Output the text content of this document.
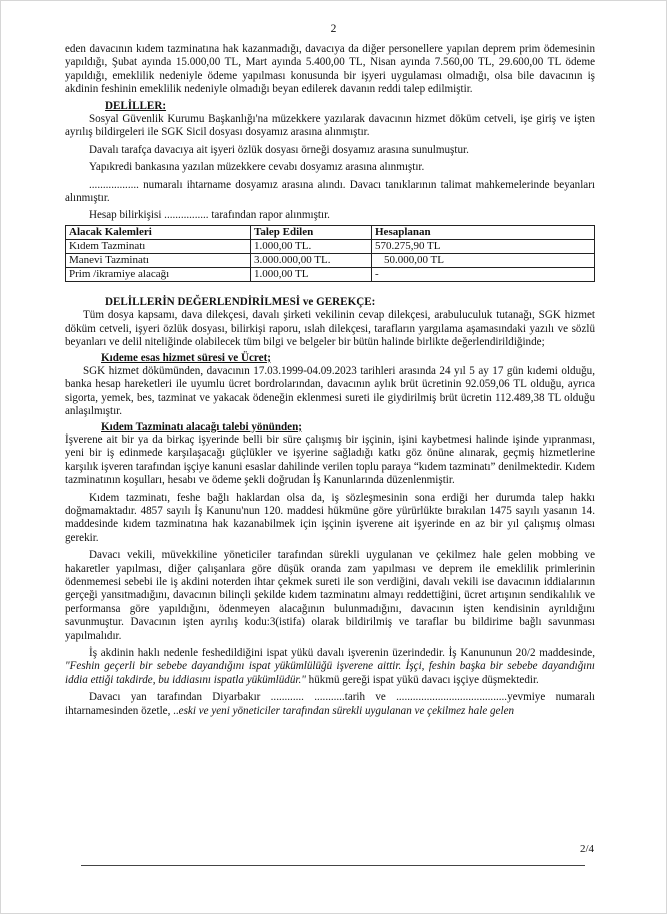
2

eden davacının kıdem tazminatına hak kazanmadığı, davacıya da diğer personellere yapılan deprem prim ödemesinin yapıldığı, Şubat ayında 15.000,00 TL, Mart ayında 5.400,00 TL, Nisan ayında 7.560,00 TL, 29.600,00 TL ödeme yapıldığı, emeklilik nedeniyle ödeme yapılması konusunda bir işyeri uygulaması olmadığı, olsa bile davacının iş akdinin feshinin emeklilik nedeniyle olmadığı beyan edilerek davanın reddi talep edilmiştir.

DELİLLER:

Sosyal Güvenlik Kurumu Başkanlığı'na müzekkere yazılarak davacının hizmet döküm cetveli, işe giriş ve işten ayrılış bildirgeleri ile SGK Sicil dosyası dosyamız arasına alınmıştır.

Davalı tarafça davacıya ait işyeri özlük dosyası örneği dosyamız arasına sunulmuştur.

Yapıkredi bankasına yazılan müzekkere cevabı dosyamız arasına alınmıştır.

.................. numaralı ihtarname dosyamız arasına alındı. Davacı tanıklarının talimat mahkemelerinde beyanları alınmıştır.

Hesap bilirkişisi ................ tarafından rapor alınmıştır.

Alacak Kalemleri	Talep Edilen	Hesaplanan
Kıdem Tazminatı	1.000,00 TL.	570.275,90 TL
Manevi Tazminatı	3.000.000,00 TL.	50.000,00 TL
Prim /ikramiye alacağı	1.000,00 TL	-

DELİLLERİN DEĞERLENDİRİLMESİ ve GEREKÇE:

Tüm dosya kapsamı, dava dilekçesi, davalı şirketi vekilinin cevap dilekçesi, arabuluculuk tutanağı, SGK hizmet döküm cetveli, işyeri özlük dosyası, bilirkişi raporu, ıslah dilekçesi, tarafların yargılama aşamasındaki yazılı ve sözlü beyanları ve delil niteliğinde olabilecek tüm bilgi ve belgeler bir bütün halinde birlikte değerlendirildiğinde;

Kıdeme esas hizmet süresi ve Ücret;

SGK hizmet dökümünden, davacının 17.03.1999-04.09.2023 tarihleri arasında 24 yıl 5 ay 17 gün kıdemi olduğu, banka hesap hareketleri ile uyumlu ücret bordrolarından, davacının aylık brüt ücretinin 92.059,06 TL olduğu, ayrıca sigorta, yemek, bes, tazminat ve yakacak ödeneğin eklenmesi sureti ile giydirilmiş brüt ücretin 112.489,38 TL olduğu anlaşılmıştır.

Kıdem Tazminatı alacağı talebi yönünden;

İşverene ait bir ya da birkaç işyerinde belli bir süre çalışmış bir işçinin, işini kaybetmesi halinde işinde yıpranması, yeni bir iş edinmede karşılaşacağı güçlükler ve işyerine sağladığı katkı göz önüne alınarak, geçmiş hizmetlerine karşılık işveren tarafından işçiye kanuni esaslar dahilinde verilen toplu paraya “kıdem tazminatı” denilmektedir. Kıdem tazminatının koşulları, hesabı ve ödeme şekli doğrudan İş Kanunlarında düzenlenmiştir.

Kıdem tazminatı, feshe bağlı haklardan olsa da, iş sözleşmesinin sona erdiği her durumda talep hakkı doğmamaktadır. 4857 sayılı İş Kanunu'nun 120. maddesi hükmüne göre yürürlükte bırakılan 1475 sayılı yasanın 14. maddesinde kıdem tazminatına hak kazanabilmek için işçinin işverene ait işyerinde en az bir yıl çalışmış olması gerekir.

Davacı vekili, müvekkiline yöneticiler tarafından sürekli uygulanan ve çekilmez hale gelen mobbing ve hakaretler yapılması, diğer çalışanlara göre düşük oranda zam yapılması ve deprem ile emeklilik primlerinin ödenmemesi sebebi ile iş akdini noterden ihtar çekmek sureti ile son verdiğini, davalı vekili ise davacının iddialarının gerçeği yansıtmadığını, davacının bilinçli şekilde kıdem tazminatını almayı reddettiğini, ücret artışının sendikalılık ve performansa göre yapıldığını, ödenmeyen alacağının bulunmadığını, davacının işten kendisinin ayrıldığını savunmuştur. Davacının işten ayrılış kodu:3(istifa) olarak bildirilmiş ve taraflar bu bildirime bağlı savunması yapılmalıdır.

İş akdinin haklı nedenle feshedildiğini ispat yükü davalı işverenin üzerindedir. İş Kanununun 20/2 maddesinde, "Feshin geçerli bir sebebe dayandığını ispat yükümlülüğü işverene aittir. İşçi, feshin başka bir sebebe dayandığını iddia ettiği takdirde, bu iddiasını ispatla yükümlüdür." hükmü gereği ispat yükü davacı işçiye düşmektedir.

Davacı yan tarafından Diyarbakır ............ ...........tarih ve ........................................yevmiye numaralı ihtarnamesinden özetle, ..eski ve yeni yöneticiler tarafından sürekli uygulanan ve çekilmez hale gelen

2/4
